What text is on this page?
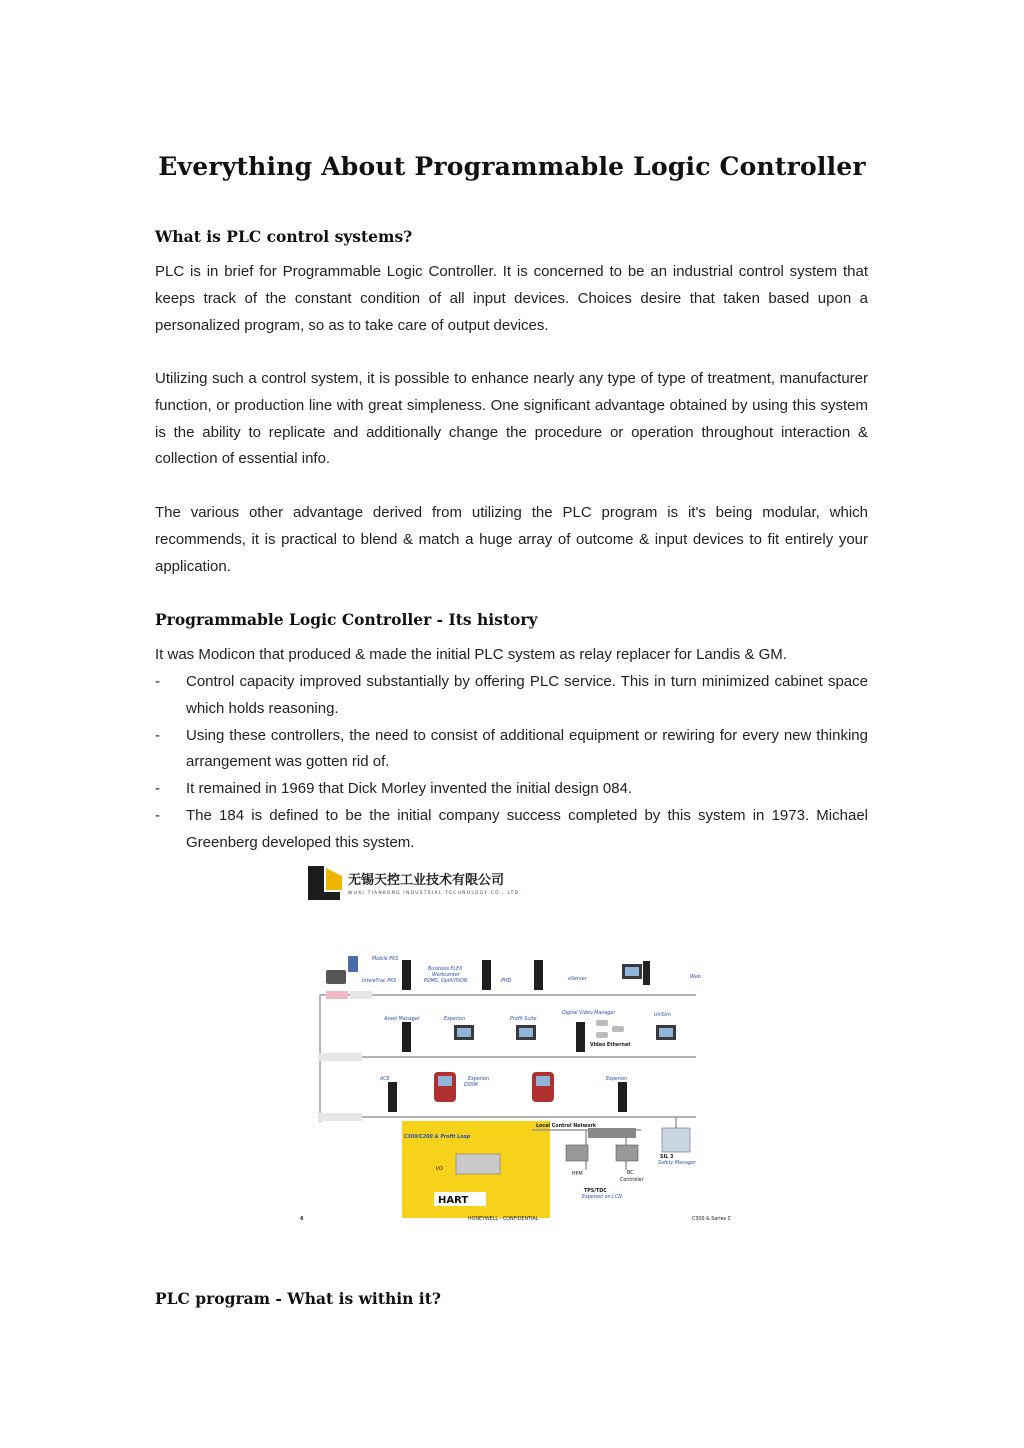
Everything About Programmable Logic Controller
What is PLC control systems?
PLC is in brief for Programmable Logic Controller. It is concerned to be an industrial control system that keeps track of the constant condition of all input devices. Choices desire that taken based upon a personalized program, so as to take care of output devices.
Utilizing such a control system, it is possible to enhance nearly any type of type of treatment, manufacturer function, or production line with great simpleness. One significant advantage obtained by using this system is the ability to replicate and additionally change the procedure or operation throughout interaction & collection of essential info.
The various other advantage derived from utilizing the PLC program is it's being modular, which recommends, it is practical to blend & match a huge array of outcome & input devices to fit entirely your application.
Programmable Logic Controller - Its history
It was Modicon that produced & made the initial PLC system as relay replacer for Landis & GM.
- Control capacity improved substantially by offering PLC service. This in turn minimized cabinet space which holds reasoning.
- Using these controllers, the need to consist of additional equipment or rewiring for every new thinking arrangement was gotten rid of.
- It remained in 1969 that Dick Morley invented the initial design 084.
- The 184 is defined to be the initial company success completed by this system in 1973. Michael Greenberg developed this system.
无锡天控工业技术有限公司
WUXI TIANKONG INDUSTRIAL TECHNOLOGY CO., LTD.
HART
Mobile PKS
IntelaTrac PKS
Business FLEX
Workcenter
POMS, OptiVISION	PHD	eServer	Web
Asset Manager	Experion	Profit Suite
Digital Video Manager	UniSim
ACE	Experion
DSSM
Experion
Safety Manager
Experion on LCN
Video Ethernet
C300/C200 & Profit Loop
Local Control Network
I/O
HPM	BC
Controller
SIL 3
TPS/TDC
4	HONEYWELL - CONFIDENTIAL	C300 & Series C
PLC program - What is within it?
